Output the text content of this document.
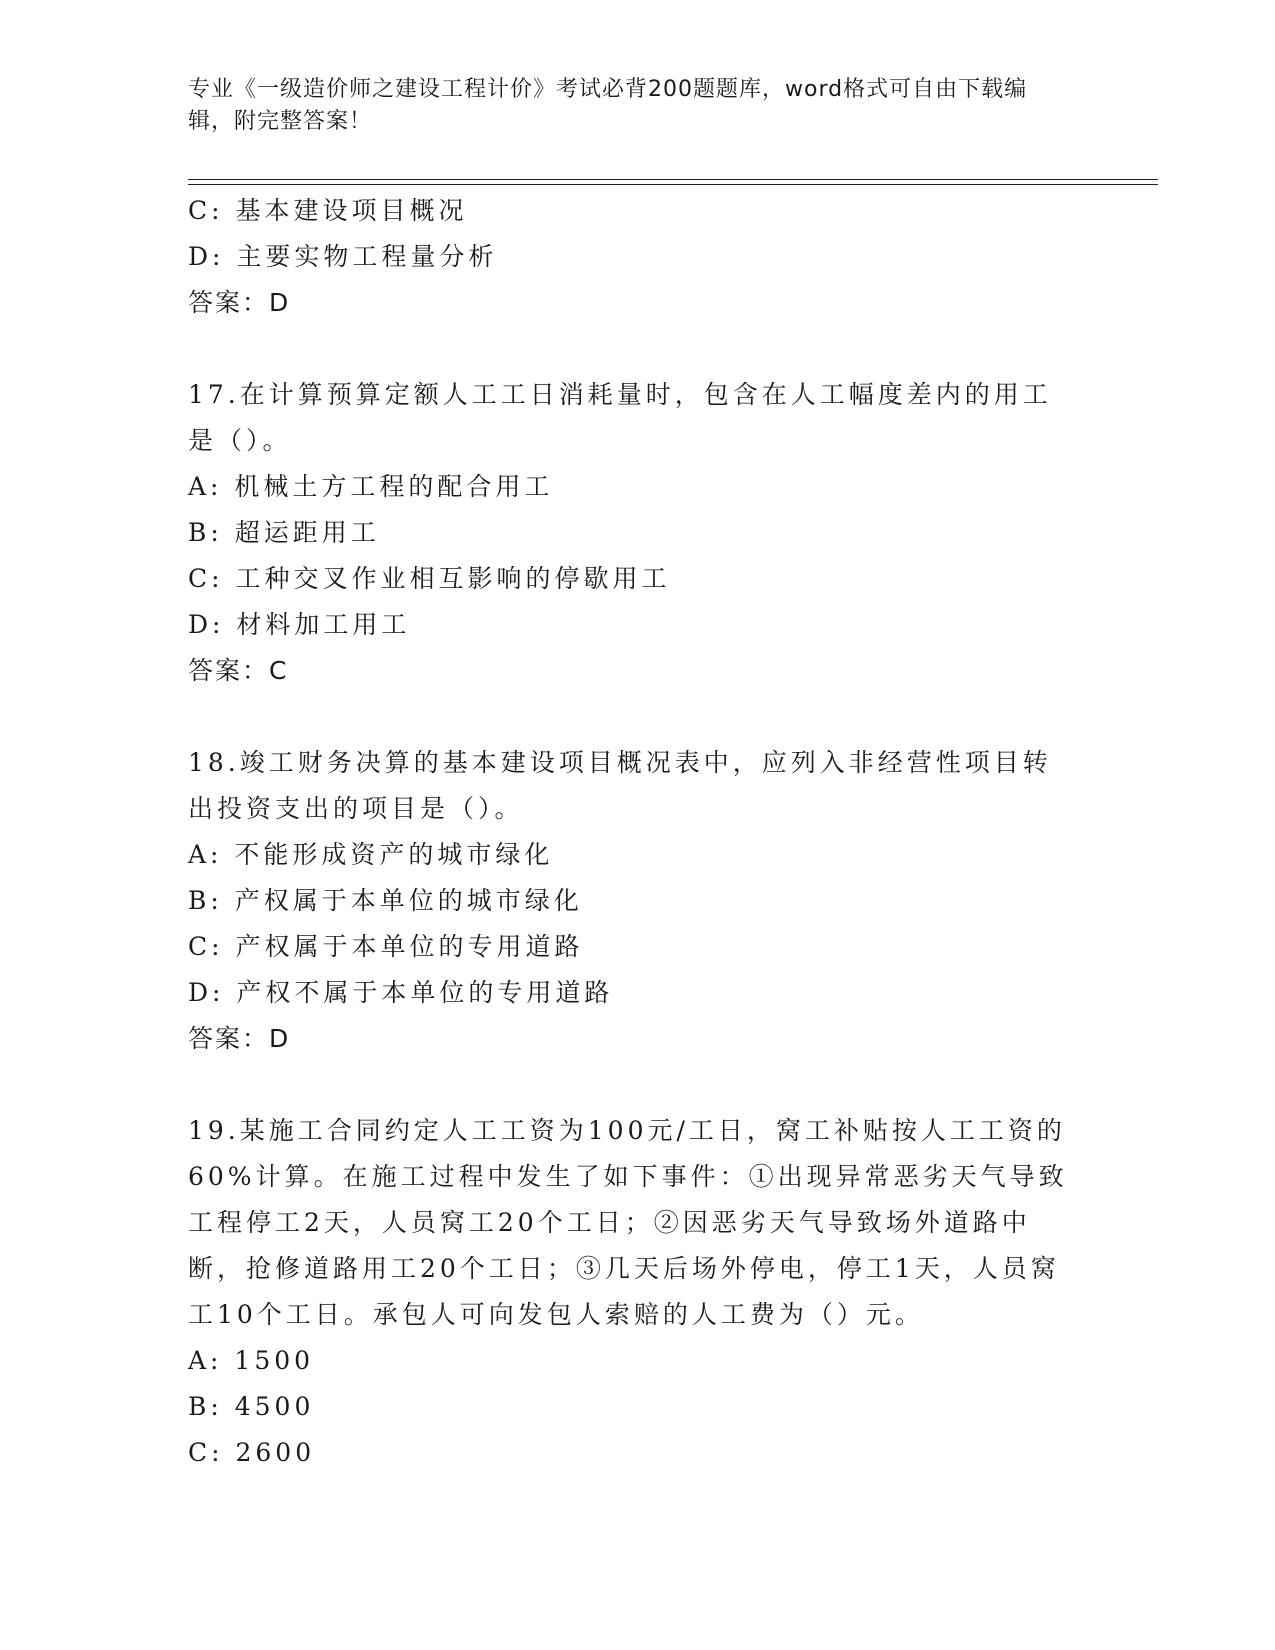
专业《一级造价师之建设工程计价》考试必背200题题库，word格式可自由下载编辑，附完整答案！
C: 基本建设项目概况
D: 主要实物工程量分析
答案：D
17.在计算预算定额人工工日消耗量时，包含在人工幅度差内的用工是（）。
A: 机械土方工程的配合用工
B: 超运距用工
C: 工种交叉作业相互影响的停歇用工
D: 材料加工用工
答案：C
18.竣工财务决算的基本建设项目概况表中，应列入非经营性项目转出投资支出的项目是（）。
A: 不能形成资产的城市绿化
B: 产权属于本单位的城市绿化
C: 产权属于本单位的专用道路
D: 产权不属于本单位的专用道路
答案：D
19.某施工合同约定人工工资为100元/工日，窝工补贴按人工工资的60%计算。在施工过程中发生了如下事件：①出现异常恶劣天气导致工程停工2天，人员窝工20个工日；②因恶劣天气导致场外道路中断，抢修道路用工20个工日；③几天后场外停电，停工1天，人员窝工10个工日。承包人可向发包人索赔的人工费为（）元。
A: 1500
B: 4500
C: 2600
